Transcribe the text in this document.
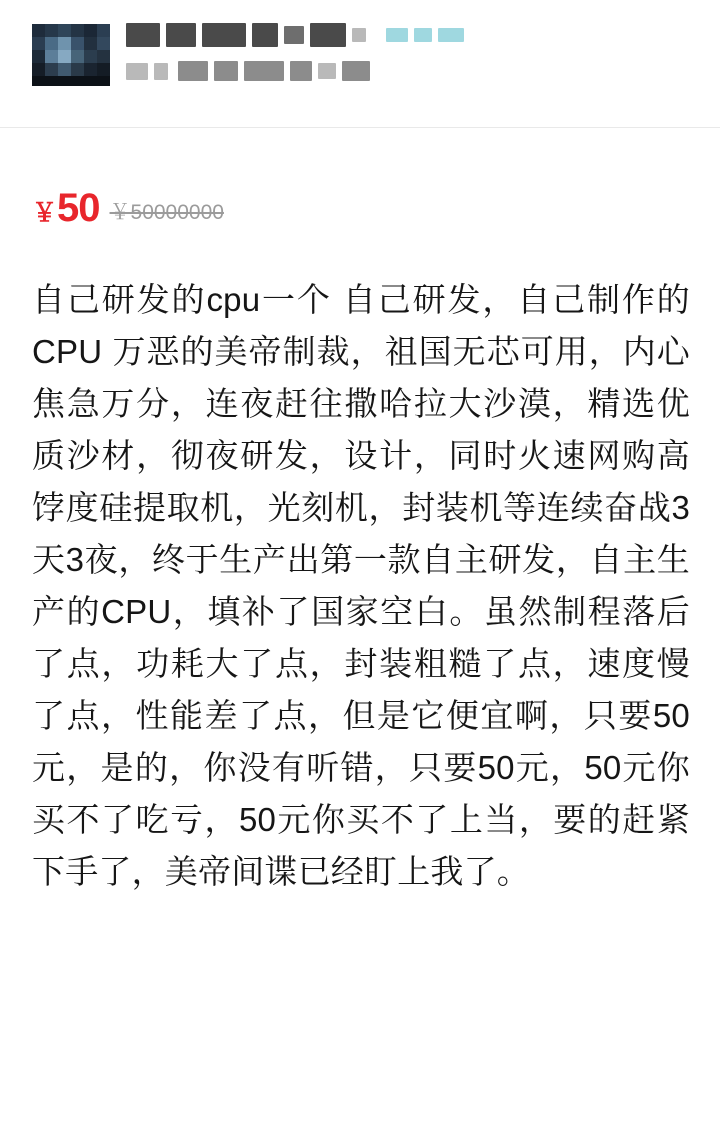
￥50 ￥50000000
自己研发的cpu一个 自己研发，自己制作的CPU 万恶的美帝制裁，祖国无芯可用，内心焦急万分，连夜赶往撒哈拉大沙漠，精选优质沙材，彻夜研发，设计，同时火速网购高饽度硅提取机，光刻机，封装机等连续奋战3天3夜，终于生产出第一款自主研发，自主生产的CPU，填补了国家空白。虽然制程落后了点，功耗大了点，封装粗糙了点，速度慢了点，性能差了点，但是它便宜啊，只要50元，是的，你没有听错，只要50元，50元你买不了吃亏，50元你买不了上当，要的赶紧下手了，美帝间谍已经盯上我了。
